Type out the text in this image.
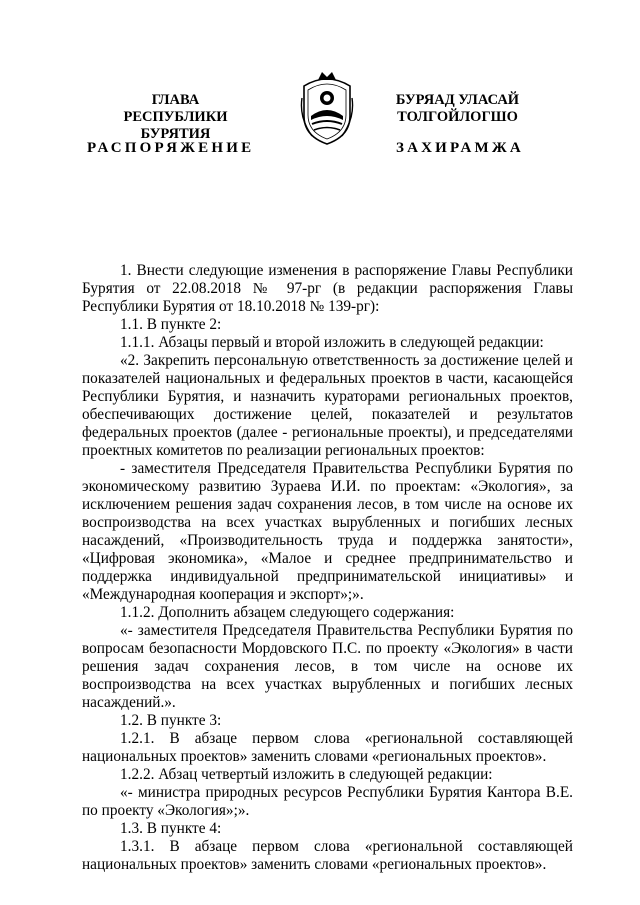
ГЛАВА
РЕСПУБЛИКИ БУРЯТИЯ
БУРЯАД УЛАСАЙ
ТОЛГОЙЛОГШО
РАСПОРЯЖЕНИЕ	ЗАХИРАМЖА

1. Внести следующие изменения в распоряжение Главы Республики Бурятия от 22.08.2018 № 97-рг (в редакции распоряжения Главы Республики Бурятия от 18.10.2018 № 139-рг):

1.1. В пункте 2:

1.1.1. Абзацы первый и второй изложить в следующей редакции:

«2. Закрепить персональную ответственность за достижение целей и показателей национальных и федеральных проектов в части, касающейся Республики Бурятия, и назначить кураторами региональных проектов, обеспечивающих достижение целей, показателей и результатов федеральных проектов (далее - региональные проекты), и председателями проектных комитетов по реализации региональных проектов:

- заместителя Председателя Правительства Республики Бурятия по экономическому развитию Зураева И.И. по проектам: «Экология», за исключением решения задач сохранения лесов, в том числе на основе их воспроизводства на всех участках вырубленных и погибших лесных насаждений, «Производительность труда и поддержка занятости», «Цифровая экономика», «Малое и среднее предпринимательство и поддержка индивидуальной предпринимательской инициативы» и «Международная кооперация и экспорт»;».

1.1.2. Дополнить абзацем следующего содержания:

«- заместителя Председателя Правительства Республики Бурятия по вопросам безопасности Мордовского П.С. по проекту «Экология» в части решения задач сохранения лесов, в том числе на основе их воспроизводства на всех участках вырубленных и погибших лесных насаждений.».

1.2. В пункте 3:

1.2.1. В абзаце первом слова «региональной составляющей национальных проектов» заменить словами «региональных проектов».

1.2.2. Абзац четвертый изложить в следующей редакции:

«- министра природных ресурсов Республики Бурятия Кантора В.Е. по проекту «Экология»;».

1.3. В пункте 4:

1.3.1. В абзаце первом слова «региональной составляющей национальных проектов» заменить словами «региональных проектов».
